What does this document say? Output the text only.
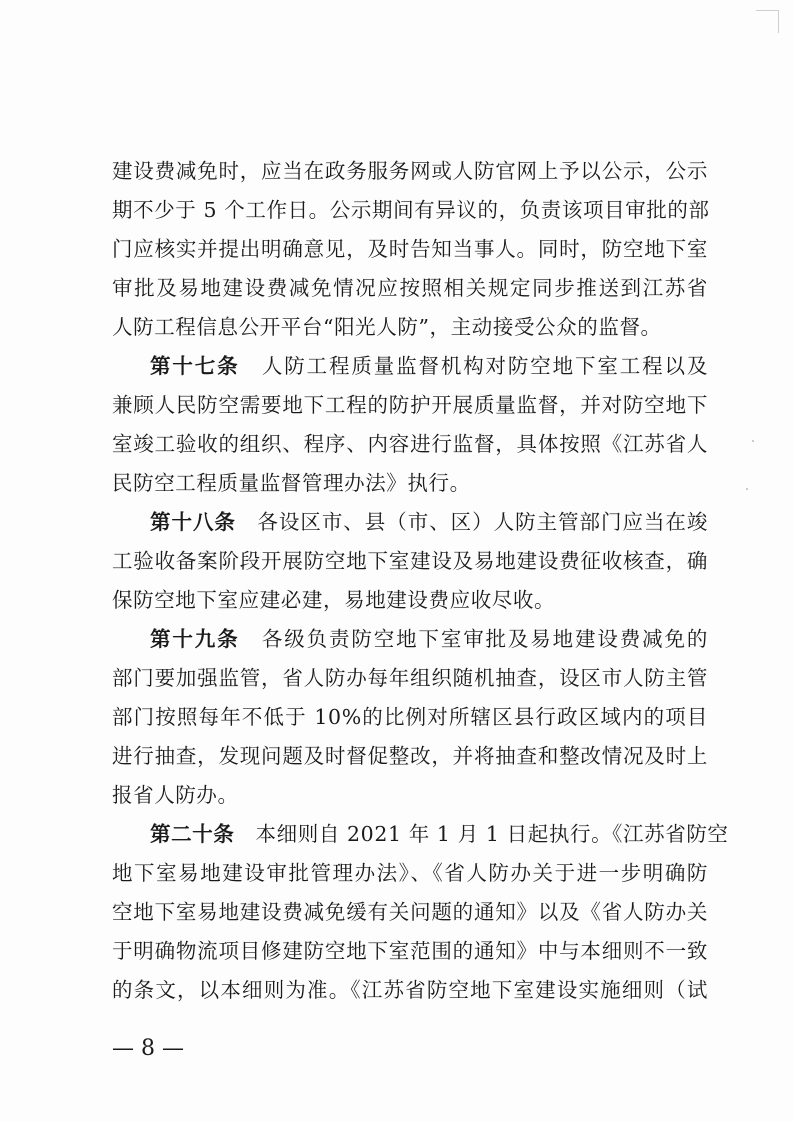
建设费减免时，应当在政务服务网或人防官网上予以公示，公示
期不少于 5 个工作日。公示期间有异议的，负责该项目审批的部
门应核实并提出明确意见，及时告知当事人。同时，防空地下室
审批及易地建设费减免情况应按照相关规定同步推送到江苏省
人防工程信息公开平台“阳光人防”，主动接受公众的监督。
第十七条　 人防工程质量监督机构对防空地下室工程以及
兼顾人民防空需要地下工程的防护开展质量监督，并对防空地下
室竣工验收的组织、程序、内容进行监督，具体按照《江苏省人
民防空工程质量监督管理办法》执行。
第十八条　 各设区市、县（市、区）人防主管部门应当在竣
工验收备案阶段开展防空地下室建设及易地建设费征收核查，确
保防空地下室应建必建，易地建设费应收尽收。
第十九条　 各级负责防空地下室审批及易地建设费减免的
部门要加强监管，省人防办每年组织随机抽查，设区市人防主管
部门按照每年不低于 10%的比例对所辖区县行政区域内的项目
进行抽查，发现问题及时督促整改，并将抽查和整改情况及时上
报省人防办。
第二十条　 本细则自 2021 年 1 月 1 日起执行。《江苏省防空
地下室易地建设审批管理办法》、《省人防办关于进一步明确防
空地下室易地建设费减免缓有关问题的通知》以及《省人防办关
于明确物流项目修建防空地下室范围的通知》中与本细则不一致
的条文，以本细则为准。《江苏省防空地下室建设实施细则（试
— 8 —
